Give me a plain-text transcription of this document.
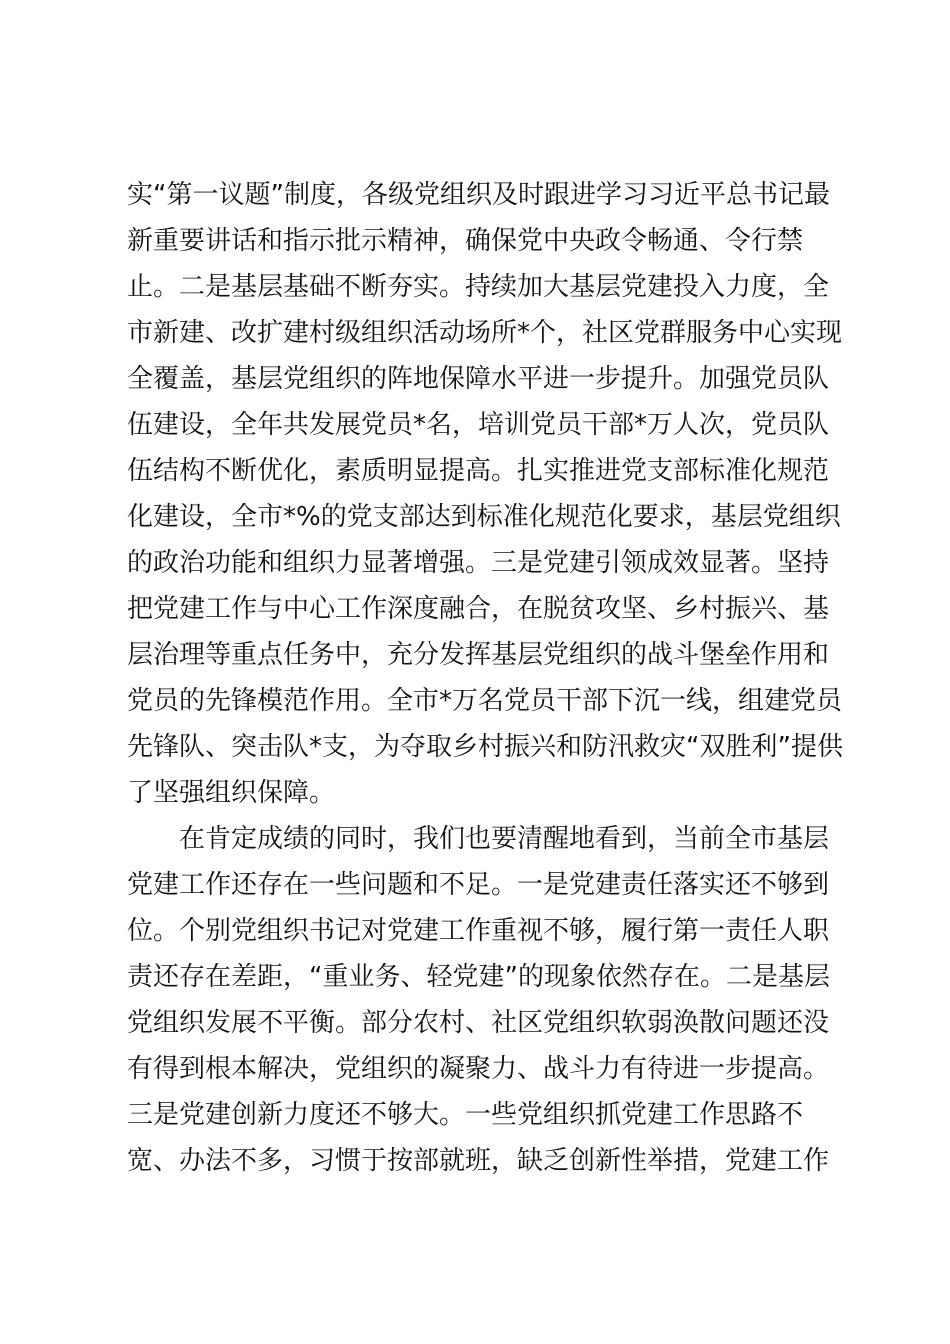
实“第一议题”制度，各级党组织及时跟进学习习近平总书记最
新重要讲话和指示批示精神，确保党中央政令畅通、令行禁
止。二是基层基础不断夯实。持续加大基层党建投入力度，全
市新建、改扩建村级组织活动场所*个，社区党群服务中心实现
全覆盖，基层党组织的阵地保障水平进一步提升。加强党员队
伍建设，全年共发展党员*名，培训党员干部*万人次，党员队
伍结构不断优化，素质明显提高。扎实推进党支部标准化规范
化建设，全市*%的党支部达到标准化规范化要求，基层党组织
的政治功能和组织力显著增强。三是党建引领成效显著。坚持
把党建工作与中心工作深度融合，在脱贫攻坚、乡村振兴、基
层治理等重点任务中，充分发挥基层党组织的战斗堡垒作用和
党员的先锋模范作用。全市*万名党员干部下沉一线，组建党员
先锋队、突击队*支，为夺取乡村振兴和防汛救灾“双胜利”提供
了坚强组织保障。
在肯定成绩的同时，我们也要清醒地看到，当前全市基层
党建工作还存在一些问题和不足。一是党建责任落实还不够到
位。个别党组织书记对党建工作重视不够，履行第一责任人职
责还存在差距，“重业务、轻党建”的现象依然存在。二是基层
党组织发展不平衡。部分农村、社区党组织软弱涣散问题还没
有得到根本解决，党组织的凝聚力、战斗力有待进一步提高。
三是党建创新力度还不够大。一些党组织抓党建工作思路不
宽、办法不多，习惯于按部就班，缺乏创新性举措，党建工作
